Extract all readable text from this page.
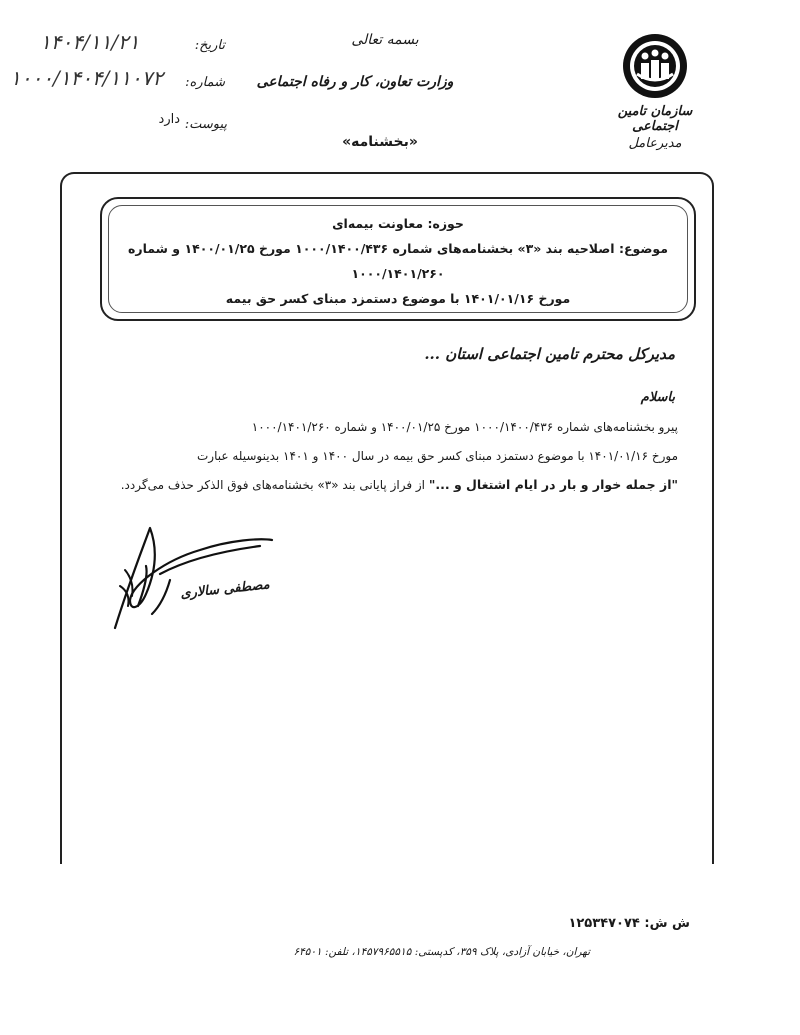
بسمه تعالی
وزارت تعاون، کار و رفاه اجتماعی
«بخشنامه»
سازمان تامین اجتماعی
مدیرعامل
تاریخ:
۱۴۰۴/۱۱/۲۱
شماره:
۱۰۰۰/۱۴۰۴/۱۱۰۷۲
پیوست:
دارد
حوزه: معاونت بیمه‌ای
موضوع: اصلاحیه بند «۳» بخشنامه‌های شماره ۱۰۰۰/۱۴۰۰/۴۳۶ مورخ ۱۴۰۰/۰۱/۲۵ و شماره ۱۰۰۰/۱۴۰۱/۲۶۰
مورخ ۱۴۰۱/۰۱/۱۶ با موضوع دستمزد مبنای کسر حق بیمه
مدیرکل محترم تامین اجتماعی استان ...
باسلام
پیرو بخشنامه‌های شماره ۱۰۰۰/۱۴۰۰/۴۳۶ مورخ ۱۴۰۰/۰۱/۲۵ و شماره ۱۰۰۰/۱۴۰۱/۲۶۰
مورخ ۱۴۰۱/۰۱/۱۶ با موضوع دستمزد مبنای کسر حق بیمه در سال ۱۴۰۰ و ۱۴۰۱ بدینوسیله عبارت
"از جمله خوار و بار در ایام اشتغال و ..." از فراز پایانی بند «۳» بخشنامه‌های فوق الذکر حذف می‌گردد.
مصطفی سالاری
ش ش: ۱۲۵۳۴۷۰۷۴
تهران، خیابان آزادی، پلاک ۳۵۹، کدپستی: ۱۴۵۷۹۶۵۵۱۵، تلفن: ۶۴۵۰۱
